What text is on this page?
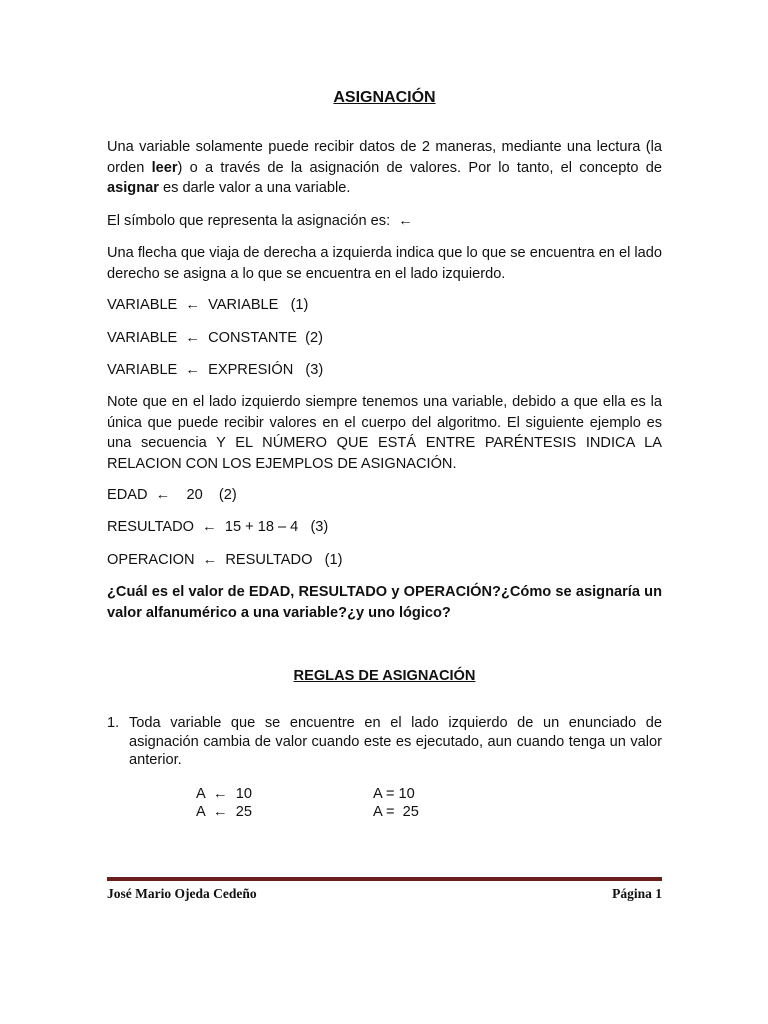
ASIGNACIÓN

Una variable solamente puede recibir datos de 2 maneras, mediante una lectura (la orden leer) o a través de la asignación de valores. Por lo tanto, el concepto de asignar es darle valor a una variable.

El símbolo que representa la asignación es:  ←

Una flecha que viaja de derecha a izquierda indica que lo que se encuentra en el lado derecho se asigna a lo que se encuentra en el lado izquierdo.

VARIABLE  ←  VARIABLE   (1)
VARIABLE  ←  CONSTANTE  (2)
VARIABLE  ←  EXPRESIÓN   (3)

Note que en el lado izquierdo siempre tenemos una variable, debido a que ella es la única que puede recibir valores en el cuerpo del algoritmo. El siguiente ejemplo es una secuencia Y EL NÚMERO QUE ESTÁ ENTRE PARÉNTESIS INDICA LA RELACION CON LOS EJEMPLOS DE ASIGNACIÓN.

EDAD  ←    20    (2)
RESULTADO  ←  15 + 18 – 4   (3)
OPERACION  ←  RESULTADO   (1)

¿Cuál es el valor de EDAD, RESULTADO y OPERACIÓN?¿Cómo se asignaría un valor alfanumérico a una variable?¿y uno lógico?

REGLAS DE ASIGNACIÓN
1. Toda variable que se encuentre en el lado izquierdo de un enunciado de asignación cambia de valor cuando este es ejecutado, aun cuando tenga un valor anterior.
A  ←  10
A  ←  25
A = 10
A =  25
José Mario Ojeda Cedeño	Página 1
